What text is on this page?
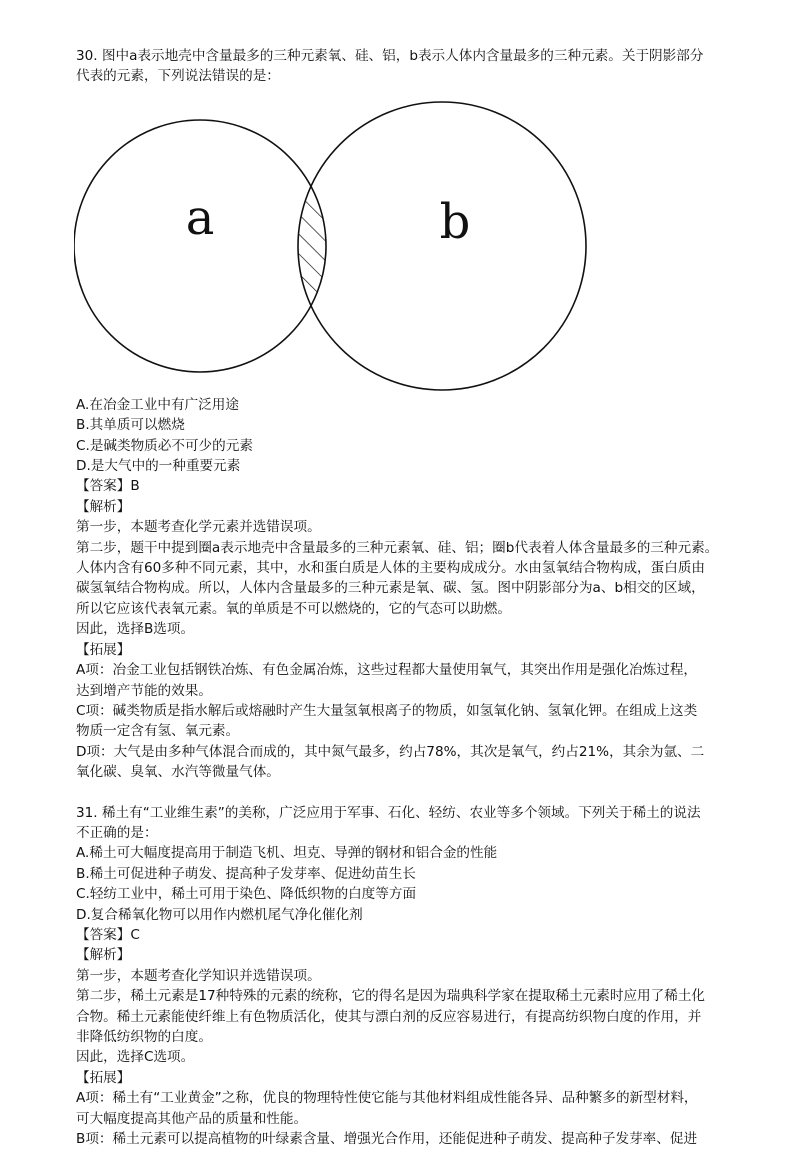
30. 图中a表示地壳中含量最多的三种元素氧、硅、铝，b表示人体内含量最多的三种元素。关于阴影部分
代表的元素，下列说法错误的是：
a	b
A.在冶金工业中有广泛用途
B.其单质可以燃烧
C.是碱类物质必不可少的元素
D.是大气中的一种重要元素
【答案】B
【解析】
第一步，本题考查化学元素并选错误项。
第二步，题干中提到圈a表示地壳中含量最多的三种元素氧、硅、铝；圈b代表着人体含量最多的三种元素。
人体内含有60多种不同元素，其中，水和蛋白质是人体的主要构成成分。水由氢氧结合物构成，蛋白质由
碳氢氧结合物构成。所以，人体内含量最多的三种元素是氧、碳、氢。图中阴影部分为a、b相交的区域，
所以它应该代表氧元素。氧的单质是不可以燃烧的，它的气态可以助燃。
因此，选择B选项。
【拓展】
A项：冶金工业包括钢铁冶炼、有色金属冶炼，这些过程都大量使用氧气，其突出作用是强化冶炼过程，
达到增产节能的效果。
C项：碱类物质是指水解后或熔融时产生大量氢氧根离子的物质，如氢氧化钠、氢氧化钾。在组成上这类
物质一定含有氢、氧元素。
D项：大气是由多种气体混合而成的，其中氮气最多，约占78%，其次是氧气，约占21%，其余为氩、二
氧化碳、臭氧、水汽等微量气体。
31. 稀土有“工业维生素”的美称，广泛应用于军事、石化、轻纺、农业等多个领域。下列关于稀土的说法
不正确的是：
A.稀土可大幅度提高用于制造飞机、坦克、导弹的钢材和铝合金的性能
B.稀土可促进种子萌发、提高种子发芽率、促进幼苗生长
C.轻纺工业中，稀土可用于染色、降低织物的白度等方面
D.复合稀氧化物可以用作内燃机尾气净化催化剂
【答案】C
【解析】
第一步，本题考查化学知识并选错误项。
第二步，稀土元素是17种特殊的元素的统称，它的得名是因为瑞典科学家在提取稀土元素时应用了稀土化
合物。稀土元素能使纤维上有色物质活化，使其与漂白剂的反应容易进行，有提高纺织物白度的作用，并
非降低纺织物的白度。
因此，选择C选项。
【拓展】
A项：稀土有“工业黄金”之称，优良的物理特性使它能与其他材料组成性能各异、品种繁多的新型材料，
可大幅度提高其他产品的质量和性能。
B项：稀土元素可以提高植物的叶绿素含量、增强光合作用，还能促进种子萌发、提高种子发芽率、促进
